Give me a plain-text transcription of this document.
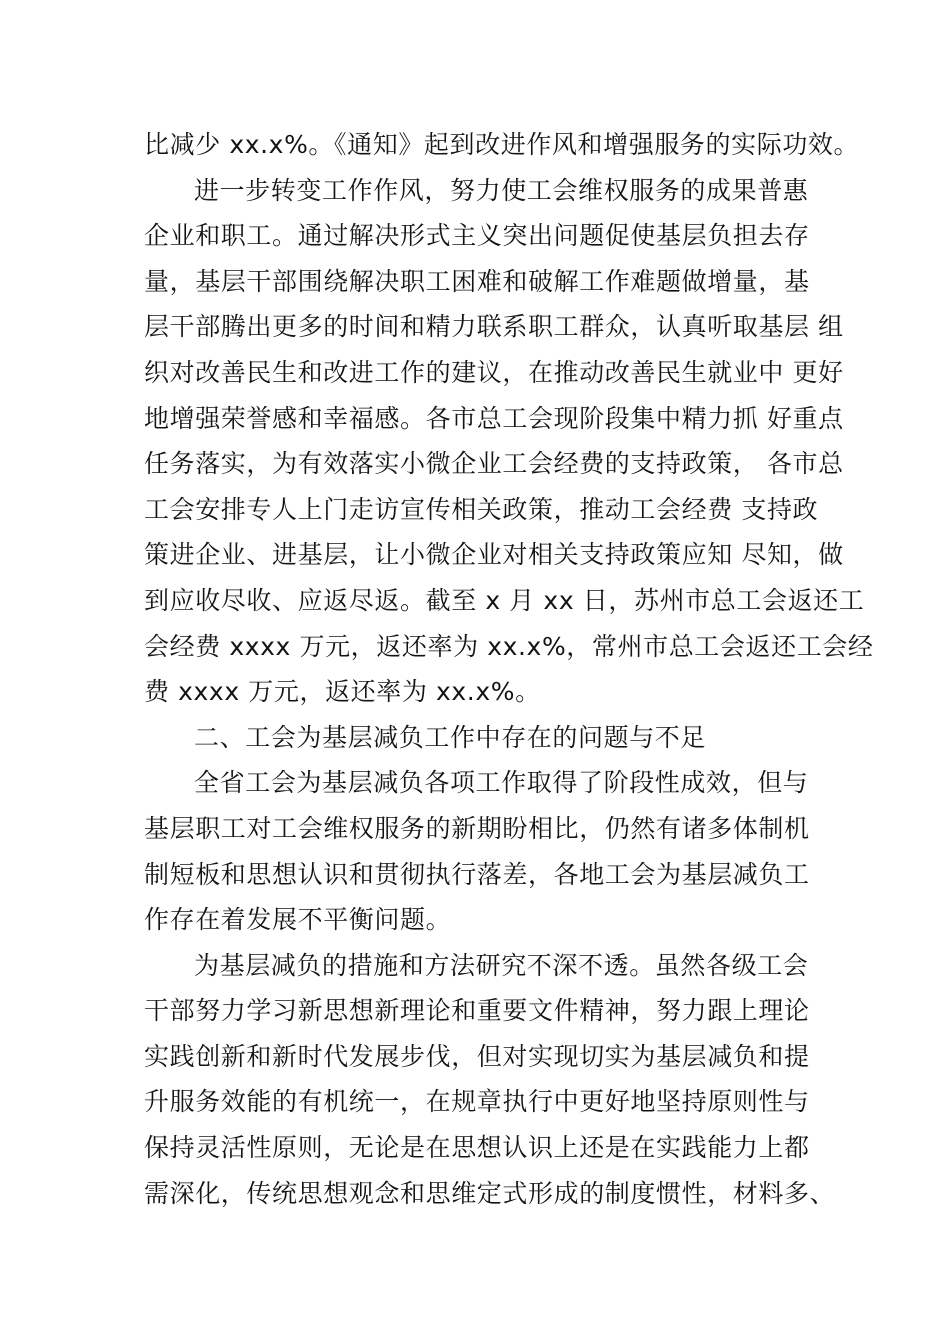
比减少 xx.x%。《通知》起到改进作风和增强服务的实际功效。
进一步转变工作作风，努力使工会维权服务的成果普惠
企业和职工。通过解决形式主义突出问题促使基层负担去存
量，基层干部围绕解决职工困难和破解工作难题做增量，基
层干部腾出更多的时间和精力联系职工群众，认真听取基层 组
织对改善民生和改进工作的建议，在推动改善民生就业中 更好
地增强荣誉感和幸福感。各市总工会现阶段集中精力抓 好重点
任务落实，为有效落实小微企业工会经费的支持政策， 各市总
工会安排专人上门走访宣传相关政策，推动工会经费 支持政
策进企业、进基层，让小微企业对相关支持政策应知 尽知，做
到应收尽收、应返尽返。截至 x 月 xx 日，苏州市总工会返还工
会经费 xxxx 万元，返还率为 xx.x%，常州市总工会返还工会经
费 xxxx 万元，返还率为 xx.x%。
二、工会为基层减负工作中存在的问题与不足
全省工会为基层减负各项工作取得了阶段性成效，但与
基层职工对工会维权服务的新期盼相比，仍然有诸多体制机
制短板和思想认识和贯彻执行落差，各地工会为基层减负工
作存在着发展不平衡问题。
为基层减负的措施和方法研究不深不透。虽然各级工会
干部努力学习新思想新理论和重要文件精神，努力跟上理论
实践创新和新时代发展步伐，但对实现切实为基层减负和提
升服务效能的有机统一，在规章执行中更好地坚持原则性与
保持灵活性原则，无论是在思想认识上还是在实践能力上都
需深化，传统思想观念和思维定式形成的制度惯性，材料多、
